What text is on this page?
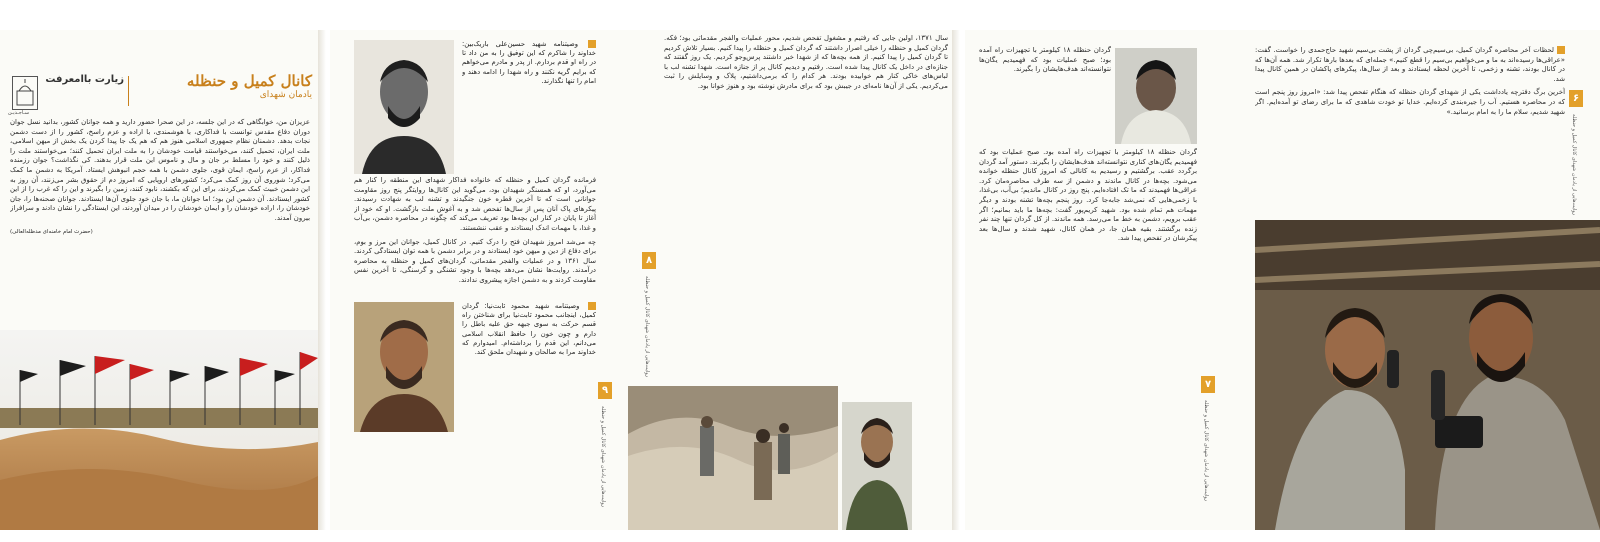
سـاجـدیـن
زیارت باامعرفت	کانال کمیل و حنظله
یادمان شهدای

عزیزان من، خوابگاهی که در این جلسه، در این صحرا حضور دارید و همه جوانان کشور، بدانید نسل جوان دوران دفاع مقدس توانست با فداکاری، با هوشمندی، با اراده و عزم راسخ، کشور را از دست دشمن نجات بدهد. دشمنان نظام جمهوری اسلامی هنوز هم که هم یک جا پیدا کردن یک بخش از میهن اسلامی، ملت ایران، تحمیل کنند، می‌خواستند قیامت خودشان را به ملت ایران تحمیل کنند؛ می‌خواستند ملت را ذلیل کنند و خود را مسلط بر جان و مال و ناموس این ملت قرار بدهند. کی نگذاشت؟ جوان رزمنده فداکار، از عزم راسخ، ایمان قوی، جلوی دشمن با همه حجم انبوهش ایستاد. آمریکا به دشمن ما کمک می‌کرد؛ شوروی آن روز کمک می‌کرد؛ کشورهای اروپایی که امروز دم از حقوق بشر می‌زنند، آن روز به این دشمن خبیث کمک می‌کردند، برای این که بکشند، نابود کنند، زمین را بگیرند و این را که غرب را از این کشور ایستادند. آن دشمن این بود؛ اما جوانان ما، با جان خود جلوی آن‌ها ایستادند. جوانان صحنه‌ها را، جان خودشان را، اراده خودشان را و ایمان خودشان را در میدان آوردند، این ایستادگی را نشان دادند و سرافراز بیرون آمدند.

(حضرت امام خامنه‌ای مدظله‌العالی)

وصیتنامه شهید حسین‌علی باریک‌بین: خداوند را شاکرم که این توفیق را به من داد تا در راه او قدم بردارم. از پدر و مادرم می‌خواهم که برایم گریه نکنند و راه شهدا را ادامه دهند و امام را تنها نگذارند.

فرمانده گردان کمیل و حنظله که خانواده فداکار شهدای این منطقه را کنار هم می‌آورد، او که همسنگر شهیدان بود، می‌گوید این کانال‌ها روایتگر پنج روز مقاومت جوانانی است که تا آخرین قطره خون جنگیدند و تشنه لب به شهادت رسیدند. پیکرهای پاک آنان پس از سال‌ها تفحص شد و به آغوش ملت بازگشت. او که خود از آغاز تا پایان در کنار این بچه‌ها بود تعریف می‌کند که چگونه در محاصره دشمن، بی‌آب و غذا، با مهمات اندک ایستادند و عقب ننشستند.

چه می‌شد امروز شهیدان فتح را درک کنیم. در کانال کمیل، جوانان این مرز و بوم، برای دفاع از دین و میهن خود ایستادند و در برابر دشمن با همه توان ایستادگی کردند. سال ۱۳۶۱ و در عملیات والفجر مقدماتی، گردان‌های کمیل و حنظله به محاصره درآمدند. روایت‌ها نشان می‌دهد بچه‌ها با وجود تشنگی و گرسنگی، تا آخرین نفس مقاومت کردند و به دشمن اجازه پیشروی ندادند.

وصیتنامه شهید محمود ثابت‌نیا: گردان کمیل، اینجانب محمود ثابت‌نیا برای شناختن راه قسم حرکت به سوی جبهه حق علیه باطل را دارم و چون خون را حافظ انقلاب اسلامی می‌دانم، این قدم را برداشته‌ام. امیدوارم که خداوند مرا به صالحان و شهیدان ملحق کند.
۹
روایت‌هایی از یادمان شهدای کانال کمیل و حنظله
۸
روایت‌هایی از یادمان شهدای کانال کمیل و حنظله

سال ۱۳۷۱، اولین جایی که رفتیم و مشغول تفحص شدیم، محور عملیات والفجر مقدماتی بود؛ فکه. گردان کمیل و حنظله را خیلی اصرار داشتند که گردان کمیل و حنظله را پیدا کنیم. بسیار تلاش کردیم تا گردان کمیل را پیدا کنیم. از همه بچه‌ها که از شهدا خبر داشتند پرس‌وجو کردیم. یک روز گفتند که جنازه‌ای در داخل یک کانال پیدا شده است. رفتیم و دیدیم کانال پر از جنازه است. شهدا تشنه لب با لباس‌های خاکی کنار هم خوابیده بودند. هر کدام را که برمی‌داشتیم، پلاک و وسایلش را ثبت می‌کردیم. یکی از آن‌ها نامه‌ای در جیبش بود که برای مادرش نوشته بود و هنوز خوانا بود.

گردان حنظله ۱۸ کیلومتر با تجهیزات راه آمده بود؛ صبح عملیات بود که فهمیدیم یگان‌ها نتوانسته‌اند هدف‌هایشان را بگیرند.

گردان حنظله ۱۸ کیلومتر با تجهیزات راه آمده بود. صبح عملیات بود که فهمیدیم یگان‌های کناری نتوانسته‌اند هدف‌هایشان را بگیرند. دستور آمد گردان برگردد عقب. برگشتیم و رسیدیم به کانالی که امروز کانال حنظله خوانده می‌شود. بچه‌ها در کانال ماندند و دشمن از سه طرف محاصره‌مان کرد. عراقی‌ها فهمیدند که ما تک افتاده‌ایم. پنج روز در کانال ماندیم؛ بی‌آب، بی‌غذا، با زخمی‌هایی که نمی‌شد جابه‌جا کرد. روز پنجم بچه‌ها تشنه بودند و دیگر مهمات هم تمام شده بود. شهید کریم‌پور گفت: بچه‌ها ما باید بمانیم؛ اگر عقب برویم، دشمن به خط ما می‌رسد. همه ماندند. از کل گردان تنها چند نفر زنده برگشتند. بقیه همان جا، در همان کانال، شهید شدند و سال‌ها بعد پیکرشان در تفحص پیدا شد.

۷
روایت‌هایی از یادمان شهدای کانال کمیل و حنظله
۶
روایت‌هایی از یادمان شهدای کانال کمیل و حنظله

لحظات آخر محاصره گردان کمیل، بی‌سیم‌چی گردان از پشت بی‌سیم شهید حاج‌حمدی را خواست. گفت: «عراقی‌ها رسیده‌اند به ما و می‌خواهیم بی‌سیم را قطع کنیم.» جمله‌ای که بعدها بارها تکرار شد. همه آن‌ها که در کانال بودند، تشنه و زخمی، تا آخرین لحظه ایستادند و بعد از سال‌ها، پیکرهای پاکشان در همین کانال پیدا شد.

آخرین برگ دفترچه یادداشت یکی از شهدای گردان حنظله که هنگام تفحص پیدا شد: «امروز روز پنجم است که در محاصره هستیم. آب را جیره‌بندی کرده‌ایم. خدایا تو خودت شاهدی که ما برای رضای تو آمده‌ایم. اگر شهید شدیم، سلام ما را به امام برسانید.»
